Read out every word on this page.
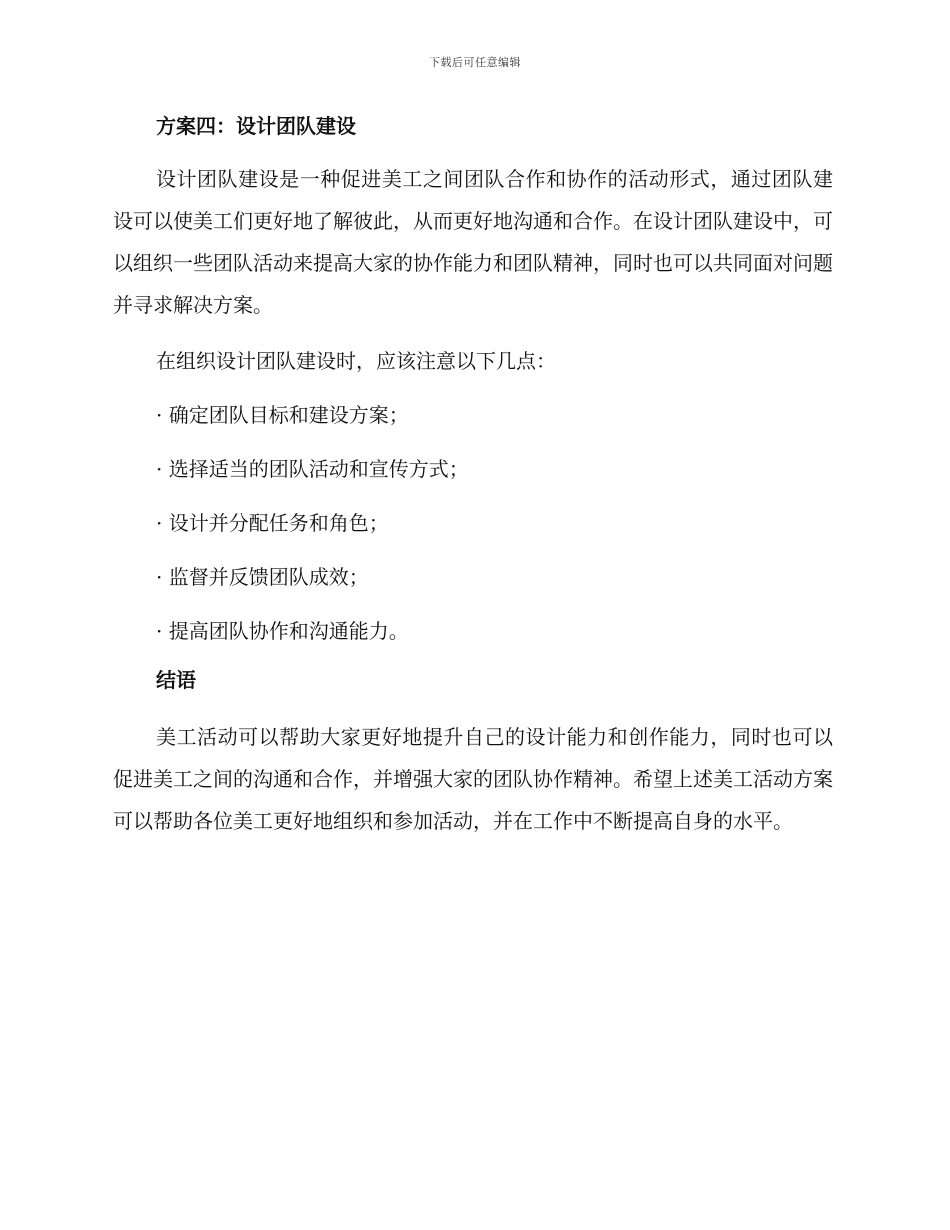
下载后可任意编辑
方案四：设计团队建设

设计团队建设是一种促进美工之间团队合作和协作的活动形式，通过团队建设可以使美工们更好地了解彼此，从而更好地沟通和合作。在设计团队建设中，可以组织一些团队活动来提高大家的协作能力和团队精神，同时也可以共同面对问题并寻求解决方案。

在组织设计团队建设时，应该注意以下几点：

· 确定团队目标和建设方案；
· 选择适当的团队活动和宣传方式；
· 设计并分配任务和角色；
· 监督并反馈团队成效；
· 提高团队协作和沟通能力。
结语

美工活动可以帮助大家更好地提升自己的设计能力和创作能力，同时也可以促进美工之间的沟通和合作，并增强大家的团队协作精神。希望上述美工活动方案可以帮助各位美工更好地组织和参加活动，并在工作中不断提高自身的水平。
